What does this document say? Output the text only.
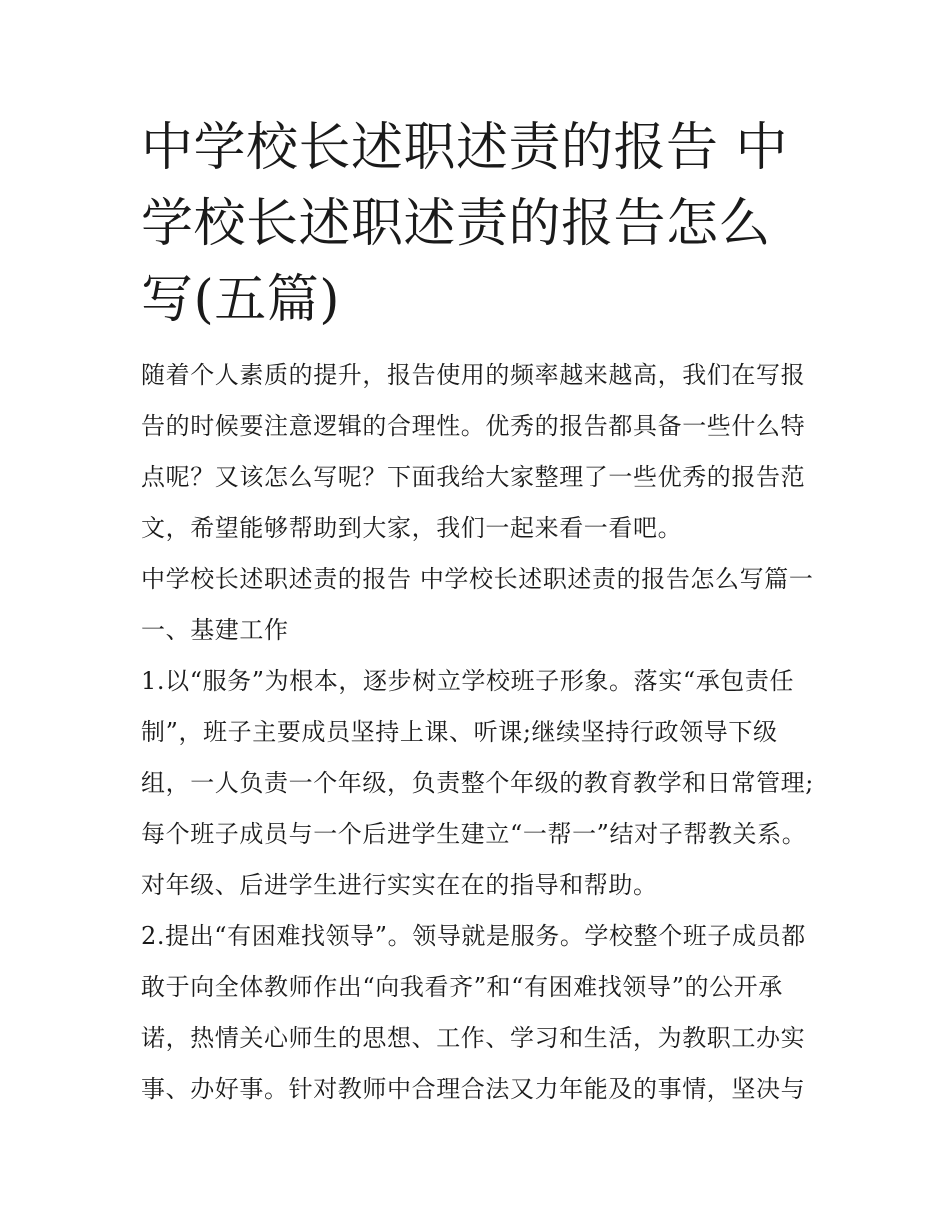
中学校长述职述责的报告 中学校长述职述责的报告怎么写(五篇)

随着个人素质的提升，报告使用的频率越来越高，我们在写报告的时候要注意逻辑的合理性。优秀的报告都具备一些什么特点呢？又该怎么写呢？下面我给大家整理了一些优秀的报告范文，希望能够帮助到大家，我们一起来看一看吧。

中学校长述职述责的报告 中学校长述职述责的报告怎么写篇一 一、基建工作

1.以“服务”为根本，逐步树立学校班子形象。落实“承包责任制”，班子主要成员坚持上课、听课;继续坚持行政领导下级组，一人负责一个年级，负责整个年级的教育教学和日常管理;每个班子成员与一个后进学生建立“一帮一”结对子帮教关系。对年级、后进学生进行实实在在的指导和帮助。

2.提出“有困难找领导”。领导就是服务。学校整个班子成员都敢于向全体教师作出“向我看齐”和“有困难找领导”的公开承诺，热情关心师生的思想、工作、学习和生活，为教职工办实事、办好事。针对教师中合理合法又力年能及的事情，坚决与
